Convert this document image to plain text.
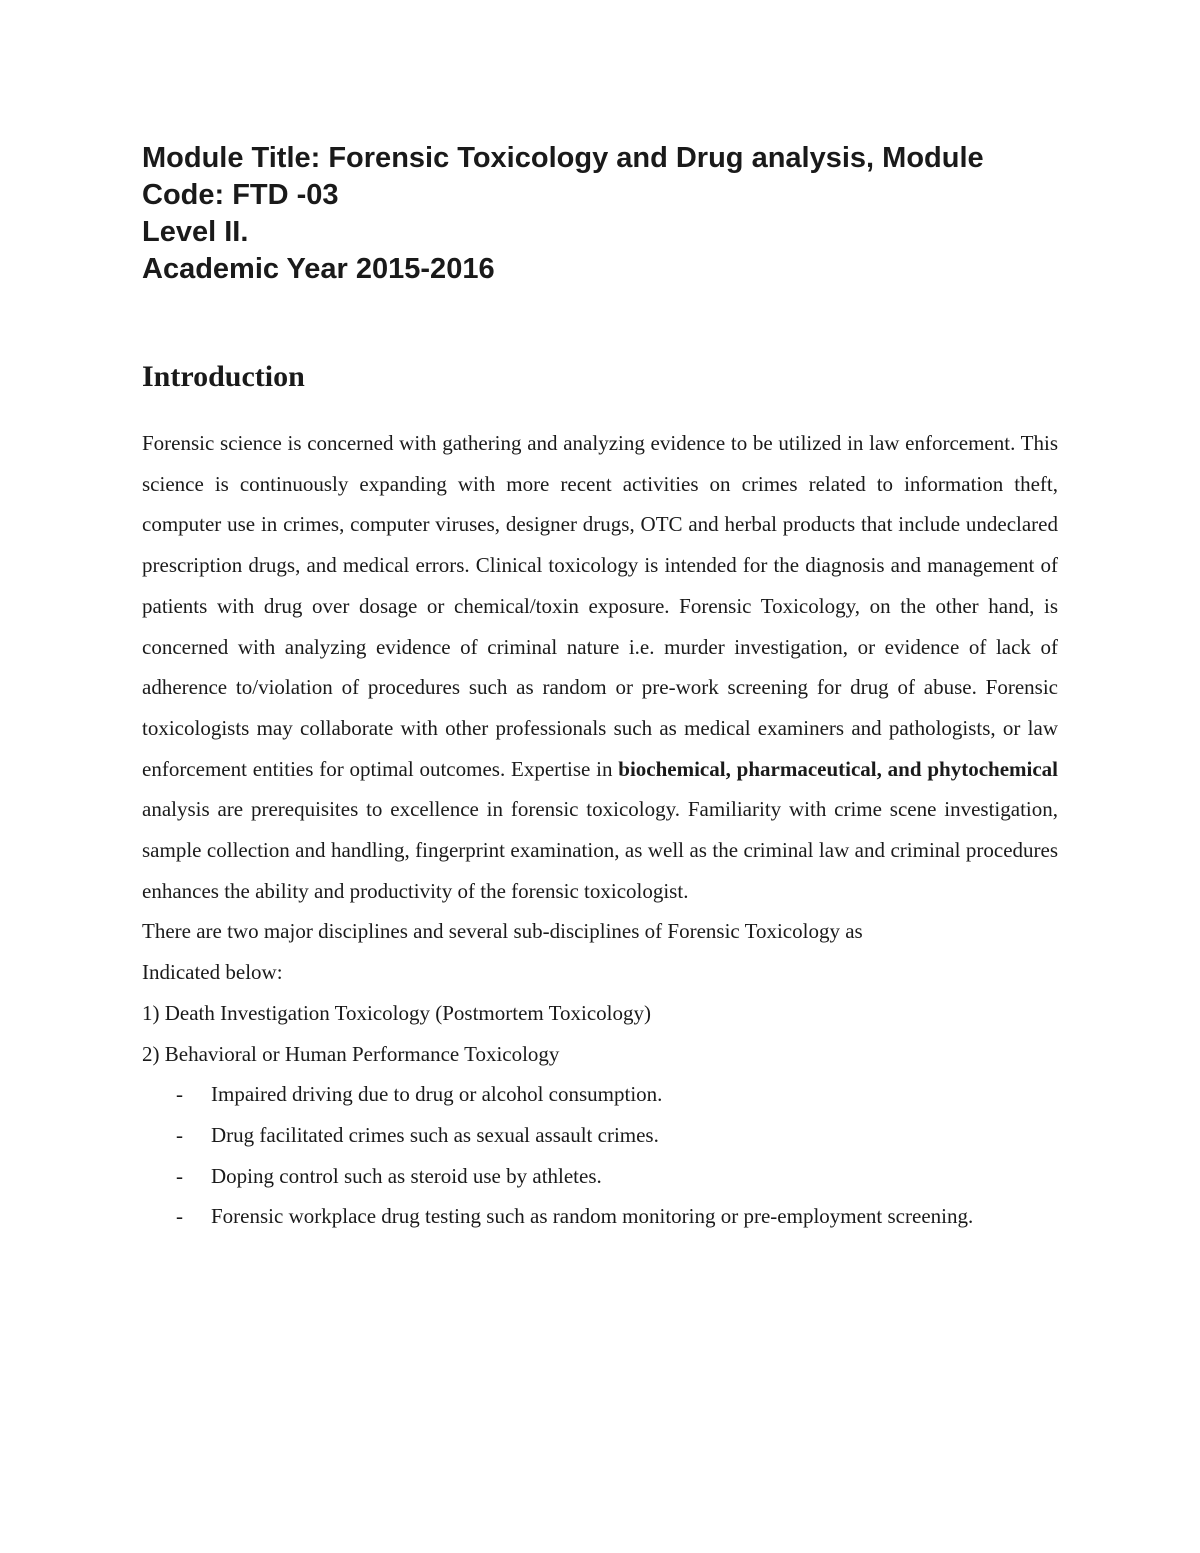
Module Title: Forensic Toxicology and Drug analysis, Module
Code: FTD -03
Level II.
Academic Year 2015-2016
Introduction

Forensic science is concerned with gathering and analyzing evidence to be utilized in law enforcement. This science is continuously expanding with more recent activities on crimes related to information theft, computer use in crimes, computer viruses, designer drugs, OTC and herbal products that include undeclared prescription drugs, and medical errors. Clinical toxicology is intended for the diagnosis and management of patients with drug over dosage or chemical/toxin exposure. Forensic Toxicology, on the other hand, is concerned with analyzing evidence of criminal nature i.e. murder investigation, or evidence of lack of adherence to/violation of procedures such as random or pre-work screening for drug of abuse. Forensic toxicologists may collaborate with other professionals such as medical examiners and pathologists, or law enforcement entities for optimal outcomes. Expertise in biochemical, pharmaceutical, and phytochemical analysis are prerequisites to excellence in forensic toxicology. Familiarity with crime scene investigation, sample collection and handling, fingerprint examination, as well as the criminal law and criminal procedures enhances the ability and productivity of the forensic toxicologist.

There are two major disciplines and several sub-disciplines of Forensic Toxicology as

Indicated below:

1) Death Investigation Toxicology (Postmortem Toxicology)

2) Behavioral or Human Performance Toxicology

- Impaired driving due to drug or alcohol consumption.
- Drug facilitated crimes such as sexual assault crimes.
- Doping control such as steroid use by athletes.
- Forensic workplace drug testing such as random monitoring or pre-employment screening.
